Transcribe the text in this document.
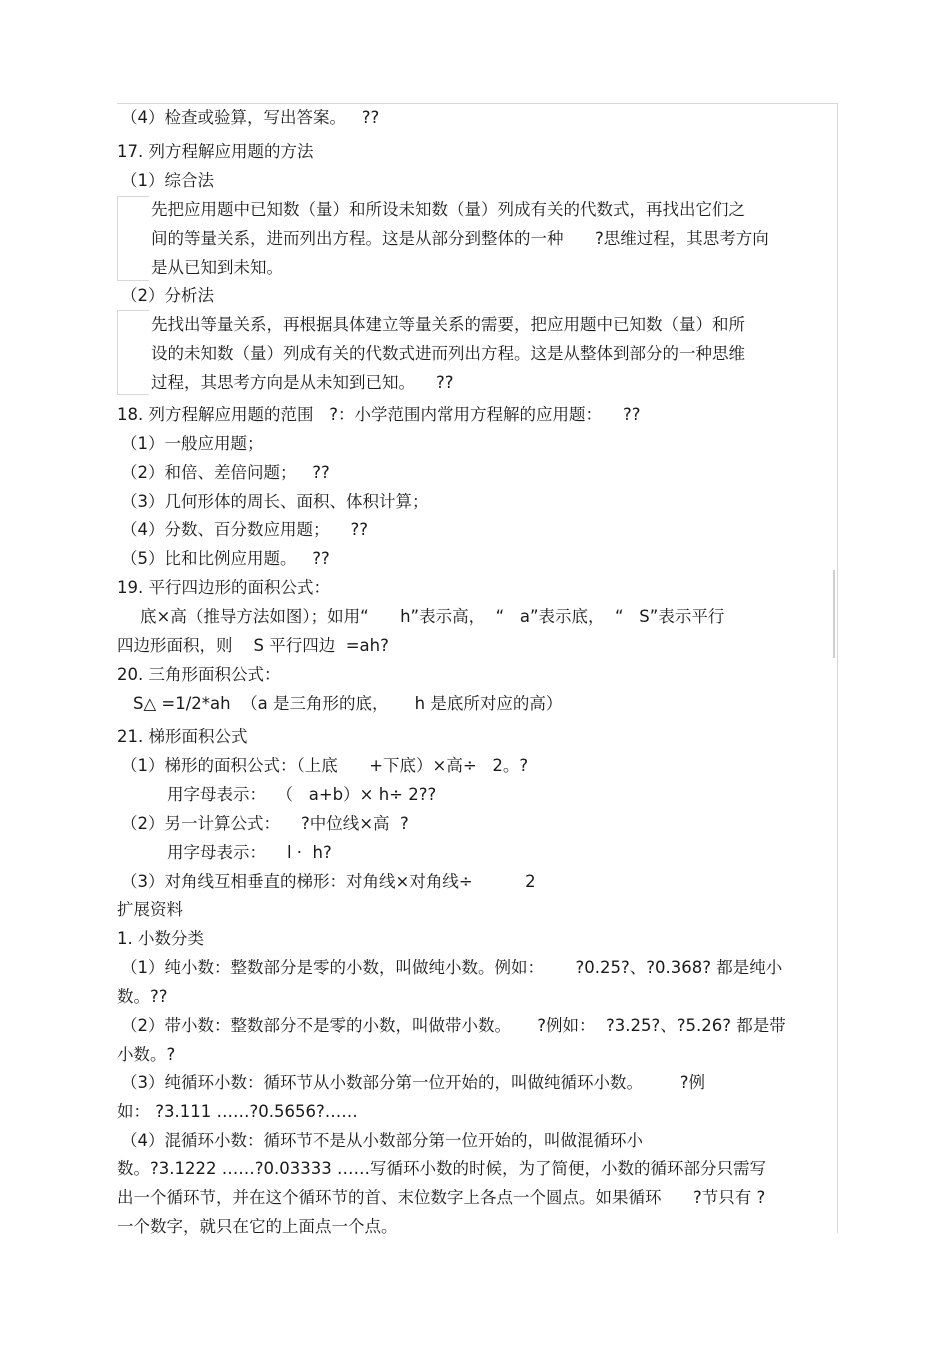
（4）检查或验算，写出答案。   ??
17. 列方程解应用题的方法
（1）综合法
先把应用题中已知数（量）和所设未知数（量）列成有关的代数式，再找出它们之
间的等量关系，进而列出方程。这是从部分到整体的一种      ?思维过程，其思考方向
是从已知到未知。
（2）分析法
先找出等量关系，再根据具体建立等量关系的需要，把应用题中已知数（量）和所
设的未知数（量）列成有关的代数式进而列出方程。这是从整体到部分的一种思维
过程，其思考方向是从未知到已知。    ??
18. 列方程解应用题的范围   ?：小学范围内常用方程解的应用题：    ??
（1）一般应用题；
（2）和倍、差倍问题；   ??
（3）几何形体的周长、面积、体积计算；
（4）分数、百分数应用题；    ??
（5）比和比例应用题。   ??
19. 平行四边形的面积公式：
底×高（推导方法如图）；如用“      h”表示高，  “   a”表示底，  “   S”表示平行
四边形面积，则    S 平行四边  =ah?
20. 三角形面积公式：
S△ =1/2*ah  （a 是三角形的底，     h 是底所对应的高）
21. 梯形面积公式
（1）梯形的面积公式：（上底      +下底）×高÷   2。?
用字母表示：  （   a+b）× h÷ 2??
（2）另一计算公式：    ?中位线×高  ?
用字母表示：    l ·  h?
（3）对角线互相垂直的梯形：对角线×对角线÷          2
扩展资料
1. 小数分类
（1）纯小数：整数部分是零的小数，叫做纯小数。例如：      ?0.25?、?0.368? 都是纯小
数。??
（2）带小数：整数部分不是零的小数，叫做带小数。     ?例如：  ?3.25?、?5.26? 都是带
小数。?
（3）纯循环小数：循环节从小数部分第一位开始的，叫做纯循环小数。       ?例
如： ?3.111 ……?0.5656?……
（4）混循环小数：循环节不是从小数部分第一位开始的，叫做混循环小
数。?3.1222 ……?0.03333 ……写循环小数的时候，为了简便，小数的循环部分只需写
出一个循环节，并在这个循环节的首、末位数字上各点一个圆点。如果循环      ?节只有 ?
一个数字，就只在它的上面点一个点。
